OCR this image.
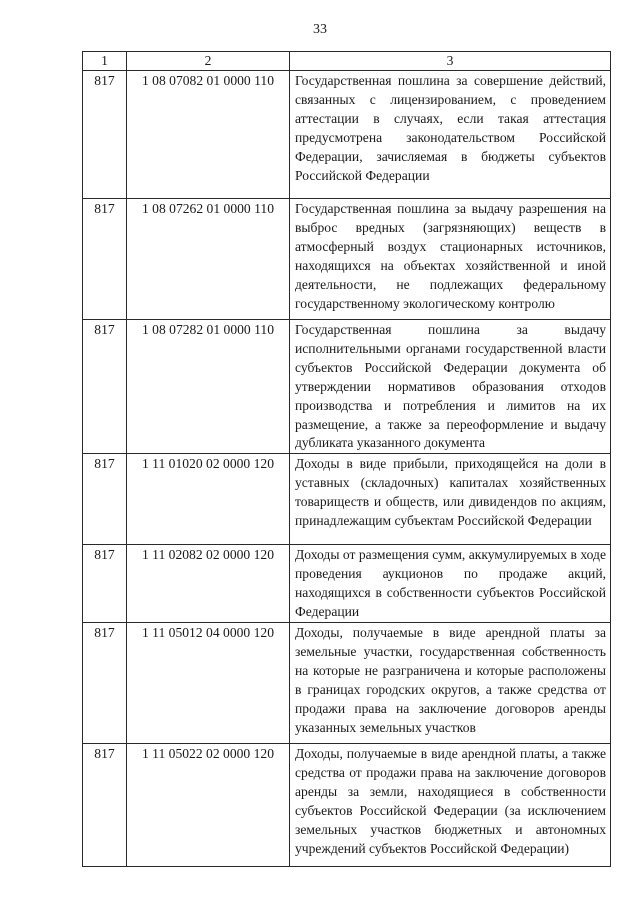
33
1	2	3
817	1 08 07082 01 0000 110	Государственная пошлина за совершение действий, связанных с лицензированием, с проведением аттестации в случаях, если такая аттестация предусмотрена законодательством Российской Федерации, зачисляемая в бюджеты субъектов Российской Федерации
817	1 08 07262 01 0000 110	Государственная пошлина за выдачу разрешения на выброс вредных (загрязняющих) веществ в атмосферный воздух стационарных источников, находящихся на объектах хозяйственной и иной деятельности, не подлежащих федеральному государственному экологическому контролю
817	1 08 07282 01 0000 110	Государственная пошлина за выдачу исполнительными органами государственной власти субъектов Российской Федерации документа об утверждении нормативов образования отходов производства и потребления и лимитов на их размещение, а также за переоформление и выдачу дубликата указанного документа
817	1 11 01020 02 0000 120	Доходы в виде прибыли, приходящейся на доли в уставных (складочных) капиталах хозяйственных товариществ и обществ, или дивидендов по акциям, принадлежащим субъектам Российской Федерации
817	1 11 02082 02 0000 120	Доходы от размещения сумм, аккумулируемых в ходе проведения аукционов по продаже акций, находящихся в собственности субъектов Российской Федерации
817	1 11 05012 04 0000 120	Доходы, получаемые в виде арендной платы за земельные участки, государственная собственность на которые не разграничена и которые расположены в границах городских округов, а также средства от продажи права на заключение договоров аренды указанных земельных участков
817	1 11 05022 02 0000 120	Доходы, получаемые в виде арендной платы, а также средства от продажи права на заключение договоров аренды за земли, находящиеся в собственности субъектов Российской Федерации (за исключением земельных участков бюджетных и автономных учреждений субъектов Российской Федерации)
